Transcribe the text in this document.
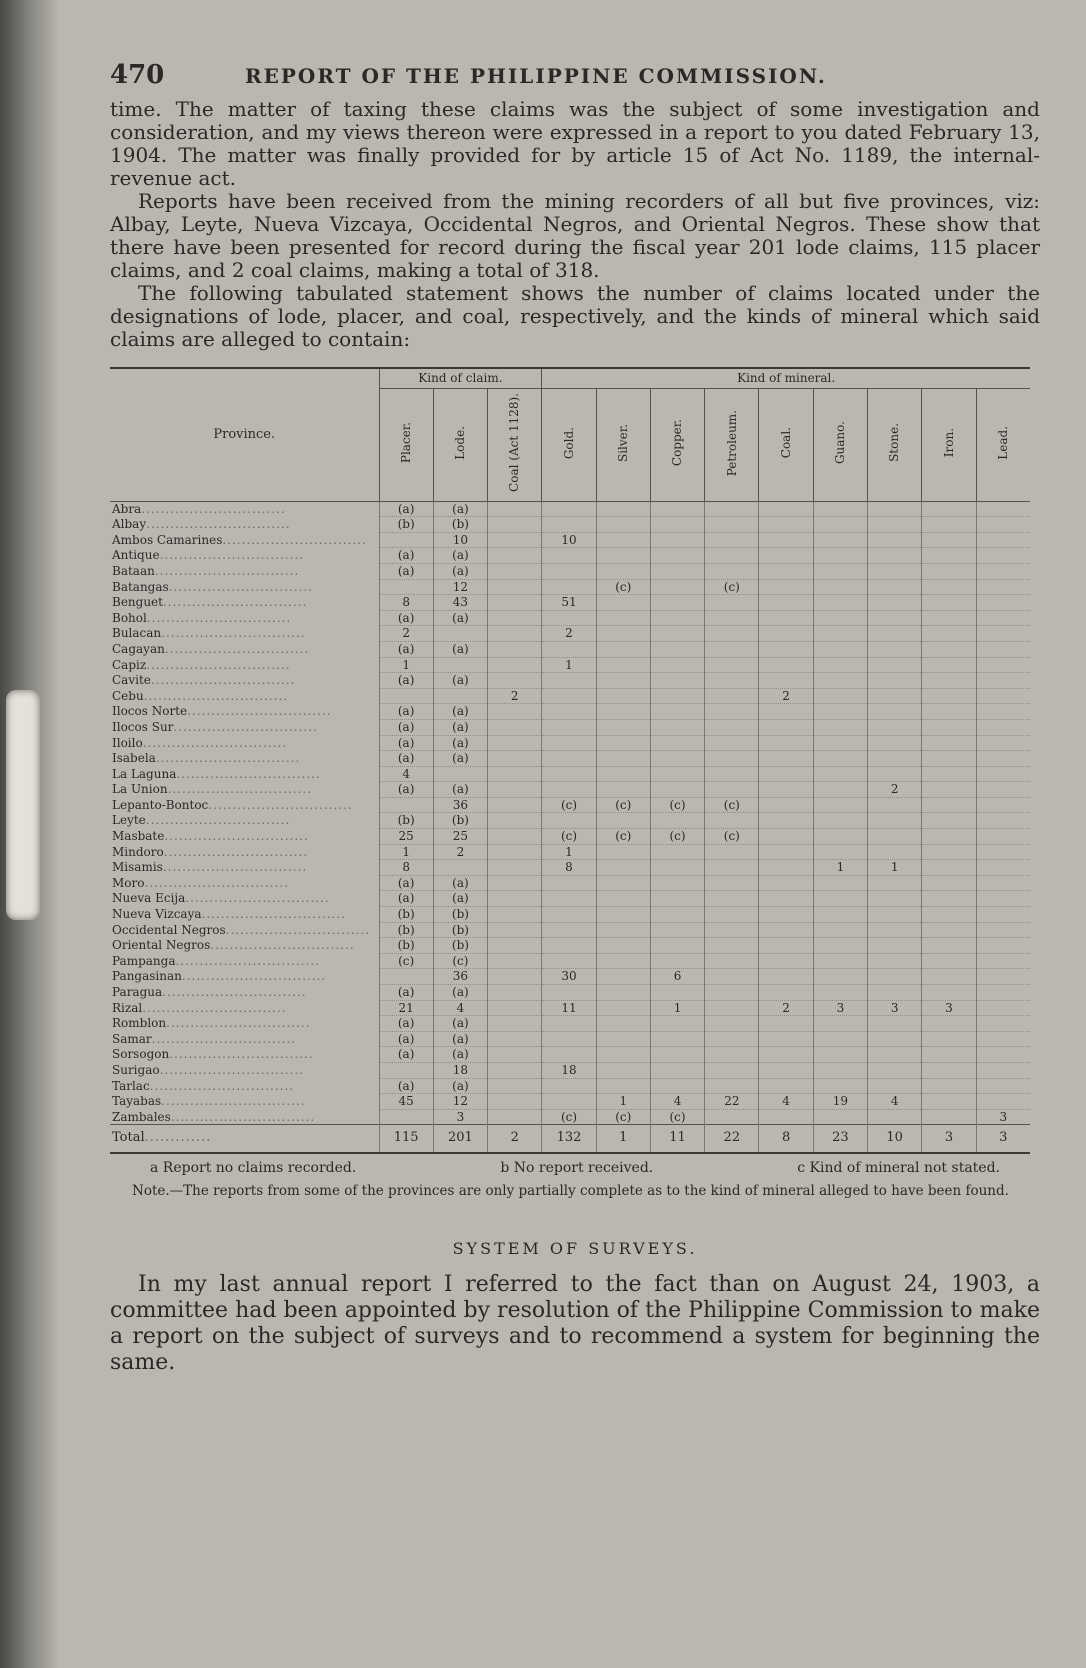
470	REPORT OF THE PHILIPPINE COMMISSION.

time. The matter of taxing these claims was the subject of some investigation and consideration, and my views thereon were expressed in a report to you dated February 13, 1904. The matter was finally provided for by article 15 of Act No. 1189, the internal-revenue act.

Reports have been received from the mining recorders of all but five provinces, viz: Albay, Leyte, Nueva Vizcaya, Occidental Negros, and Oriental Negros. These show that there have been presented for record during the fiscal year 201 lode claims, 115 placer claims, and 2 coal claims, making a total of 318.

The following tabulated statement shows the number of claims located under the designations of lode, placer, and coal, respectively, and the kinds of mineral which said claims are alleged to contain:

Province.	Kind of claim.			Kind of mineral.								
	Placer.	Lode.	Coal (Act 1128).	Gold.	Silver.	Copper.	Petroleum.	Coal.	Guano.	Stone.	Iron.	Lead.
Abra..............................	(a)	(a)										
Albay..............................	(b)	(b)										
Ambos Camarines..............................		10		10								
Antique..............................	(a)	(a)										
Bataan..............................	(a)	(a)										
Batangas..............................		12			(c)		(c)					
Benguet..............................	8	43		51								
Bohol..............................	(a)	(a)										
Bulacan..............................	2			2								
Cagayan..............................	(a)	(a)										
Capiz..............................	1			1								
Cavite..............................	(a)	(a)										
Cebu..............................			2					2				
Ilocos Norte..............................	(a)	(a)										
Ilocos Sur..............................	(a)	(a)										
Iloilo..............................	(a)	(a)										
Isabela..............................	(a)	(a)										
La Laguna..............................	4											
La Union..............................	(a)	(a)								2		
Lepanto-Bontoc..............................		36		(c)	(c)	(c)	(c)					
Leyte..............................	(b)	(b)										
Masbate..............................	25	25		(c)	(c)	(c)	(c)					
Mindoro..............................	1	2		1								
Misamis..............................	8			8					1	1		
Moro..............................	(a)	(a)										
Nueva Ecija..............................	(a)	(a)										
Nueva Vizcaya..............................	(b)	(b)										
Occidental Negros..............................	(b)	(b)										
Oriental Negros..............................	(b)	(b)										
Pampanga..............................	(c)	(c)										
Pangasinan..............................		36		30		6						
Paragua..............................	(a)	(a)										
Rizal..............................	21	4		11		1		2	3	3	3	
Romblon..............................	(a)	(a)										
Samar..............................	(a)	(a)										
Sorsogon..............................	(a)	(a)										
Surigao..............................		18		18								
Tarlac..............................	(a)	(a)										
Tayabas..............................	45	12			1	4	22	4	19	4		
Zambales..............................		3		(c)	(c)	(c)						3
Total.............	115	201	2	132	1	11	22	8	23	10	3	3
a Report no claims recorded.	b No report received.	c Kind of mineral not stated.

Note.—The reports from some of the provinces are only partially complete as to the kind of mineral alleged to have been found.

SYSTEM OF SURVEYS.

In my last annual report I referred to the fact than on August 24, 1903, a committee had been appointed by resolution of the Philippine Commission to make a report on the subject of surveys and to recommend a system for beginning the same.
